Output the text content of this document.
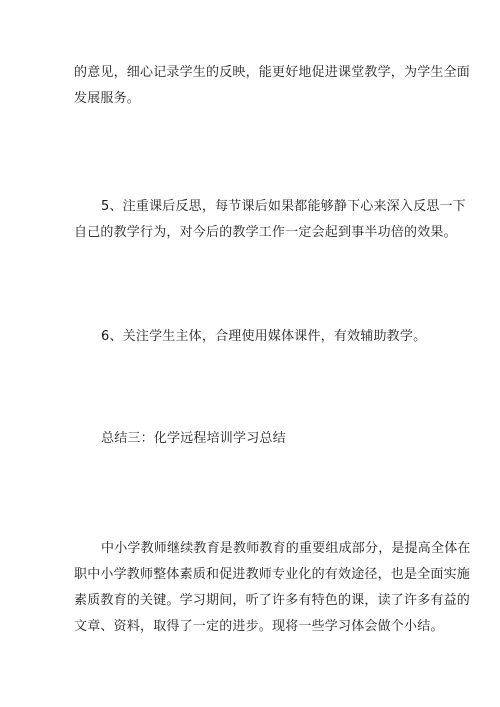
的意见，细心记录学生的反映，能更好地促进课堂教学，为学生全面
发展服务。

5、注重课后反思，每节课后如果都能够静下心来深入反思一下
自己的教学行为，对今后的教学工作一定会起到事半功倍的效果。

6、关注学生主体，合理使用媒体课件，有效辅助教学。

总结三：化学远程培训学习总结

中小学教师继续教育是教师教育的重要组成部分，是提高全体在
职中小学教师整体素质和促进教师专业化的有效途径，也是全面实施
素质教育的关键。学习期间，听了许多有特色的课，读了许多有益的
文章、资料，取得了一定的进步。现将一些学习体会做个小结。
